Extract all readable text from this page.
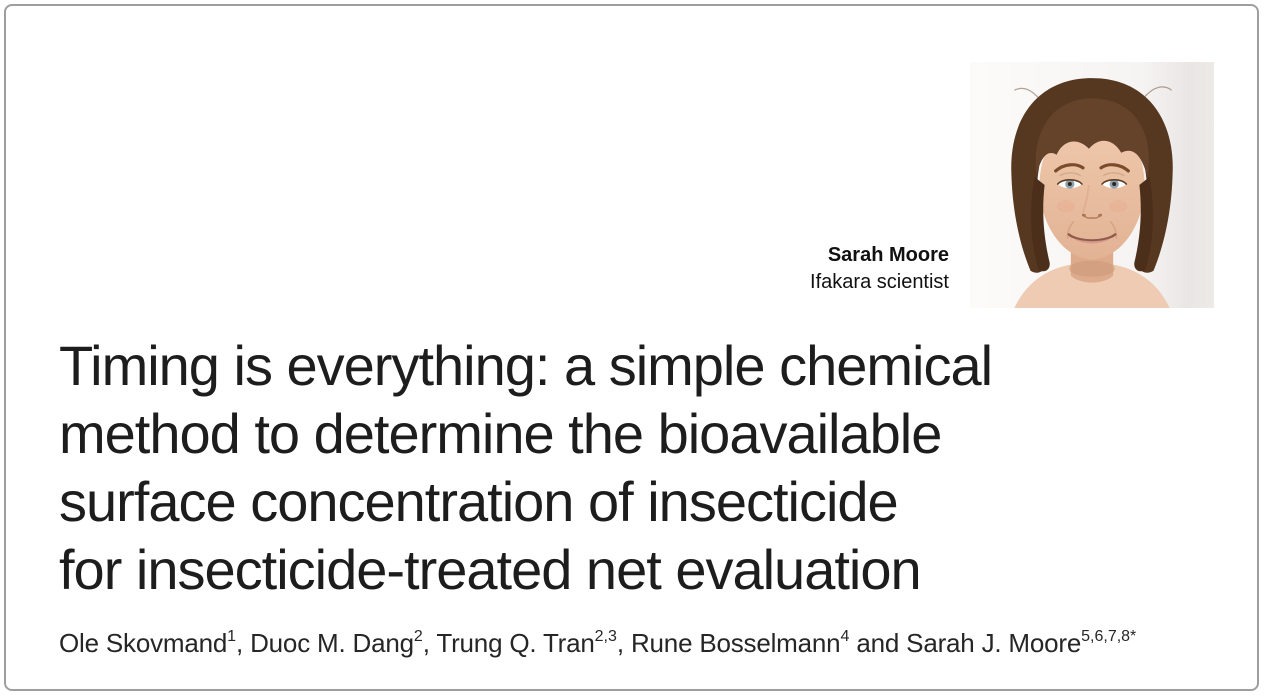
Sarah Moore
Ifakara scientist
Timing is everything: a simple chemical
method to determine the bioavailable
surface concentration of insecticide
for insecticide-treated net evaluation

Ole Skovmand$^1$, Duoc M. Dang$^2$, Trung Q. Tran$^{2,3}$, Rune Bosselmann$^4$ and Sarah J. Moore$^{5,6,7,8*}$
